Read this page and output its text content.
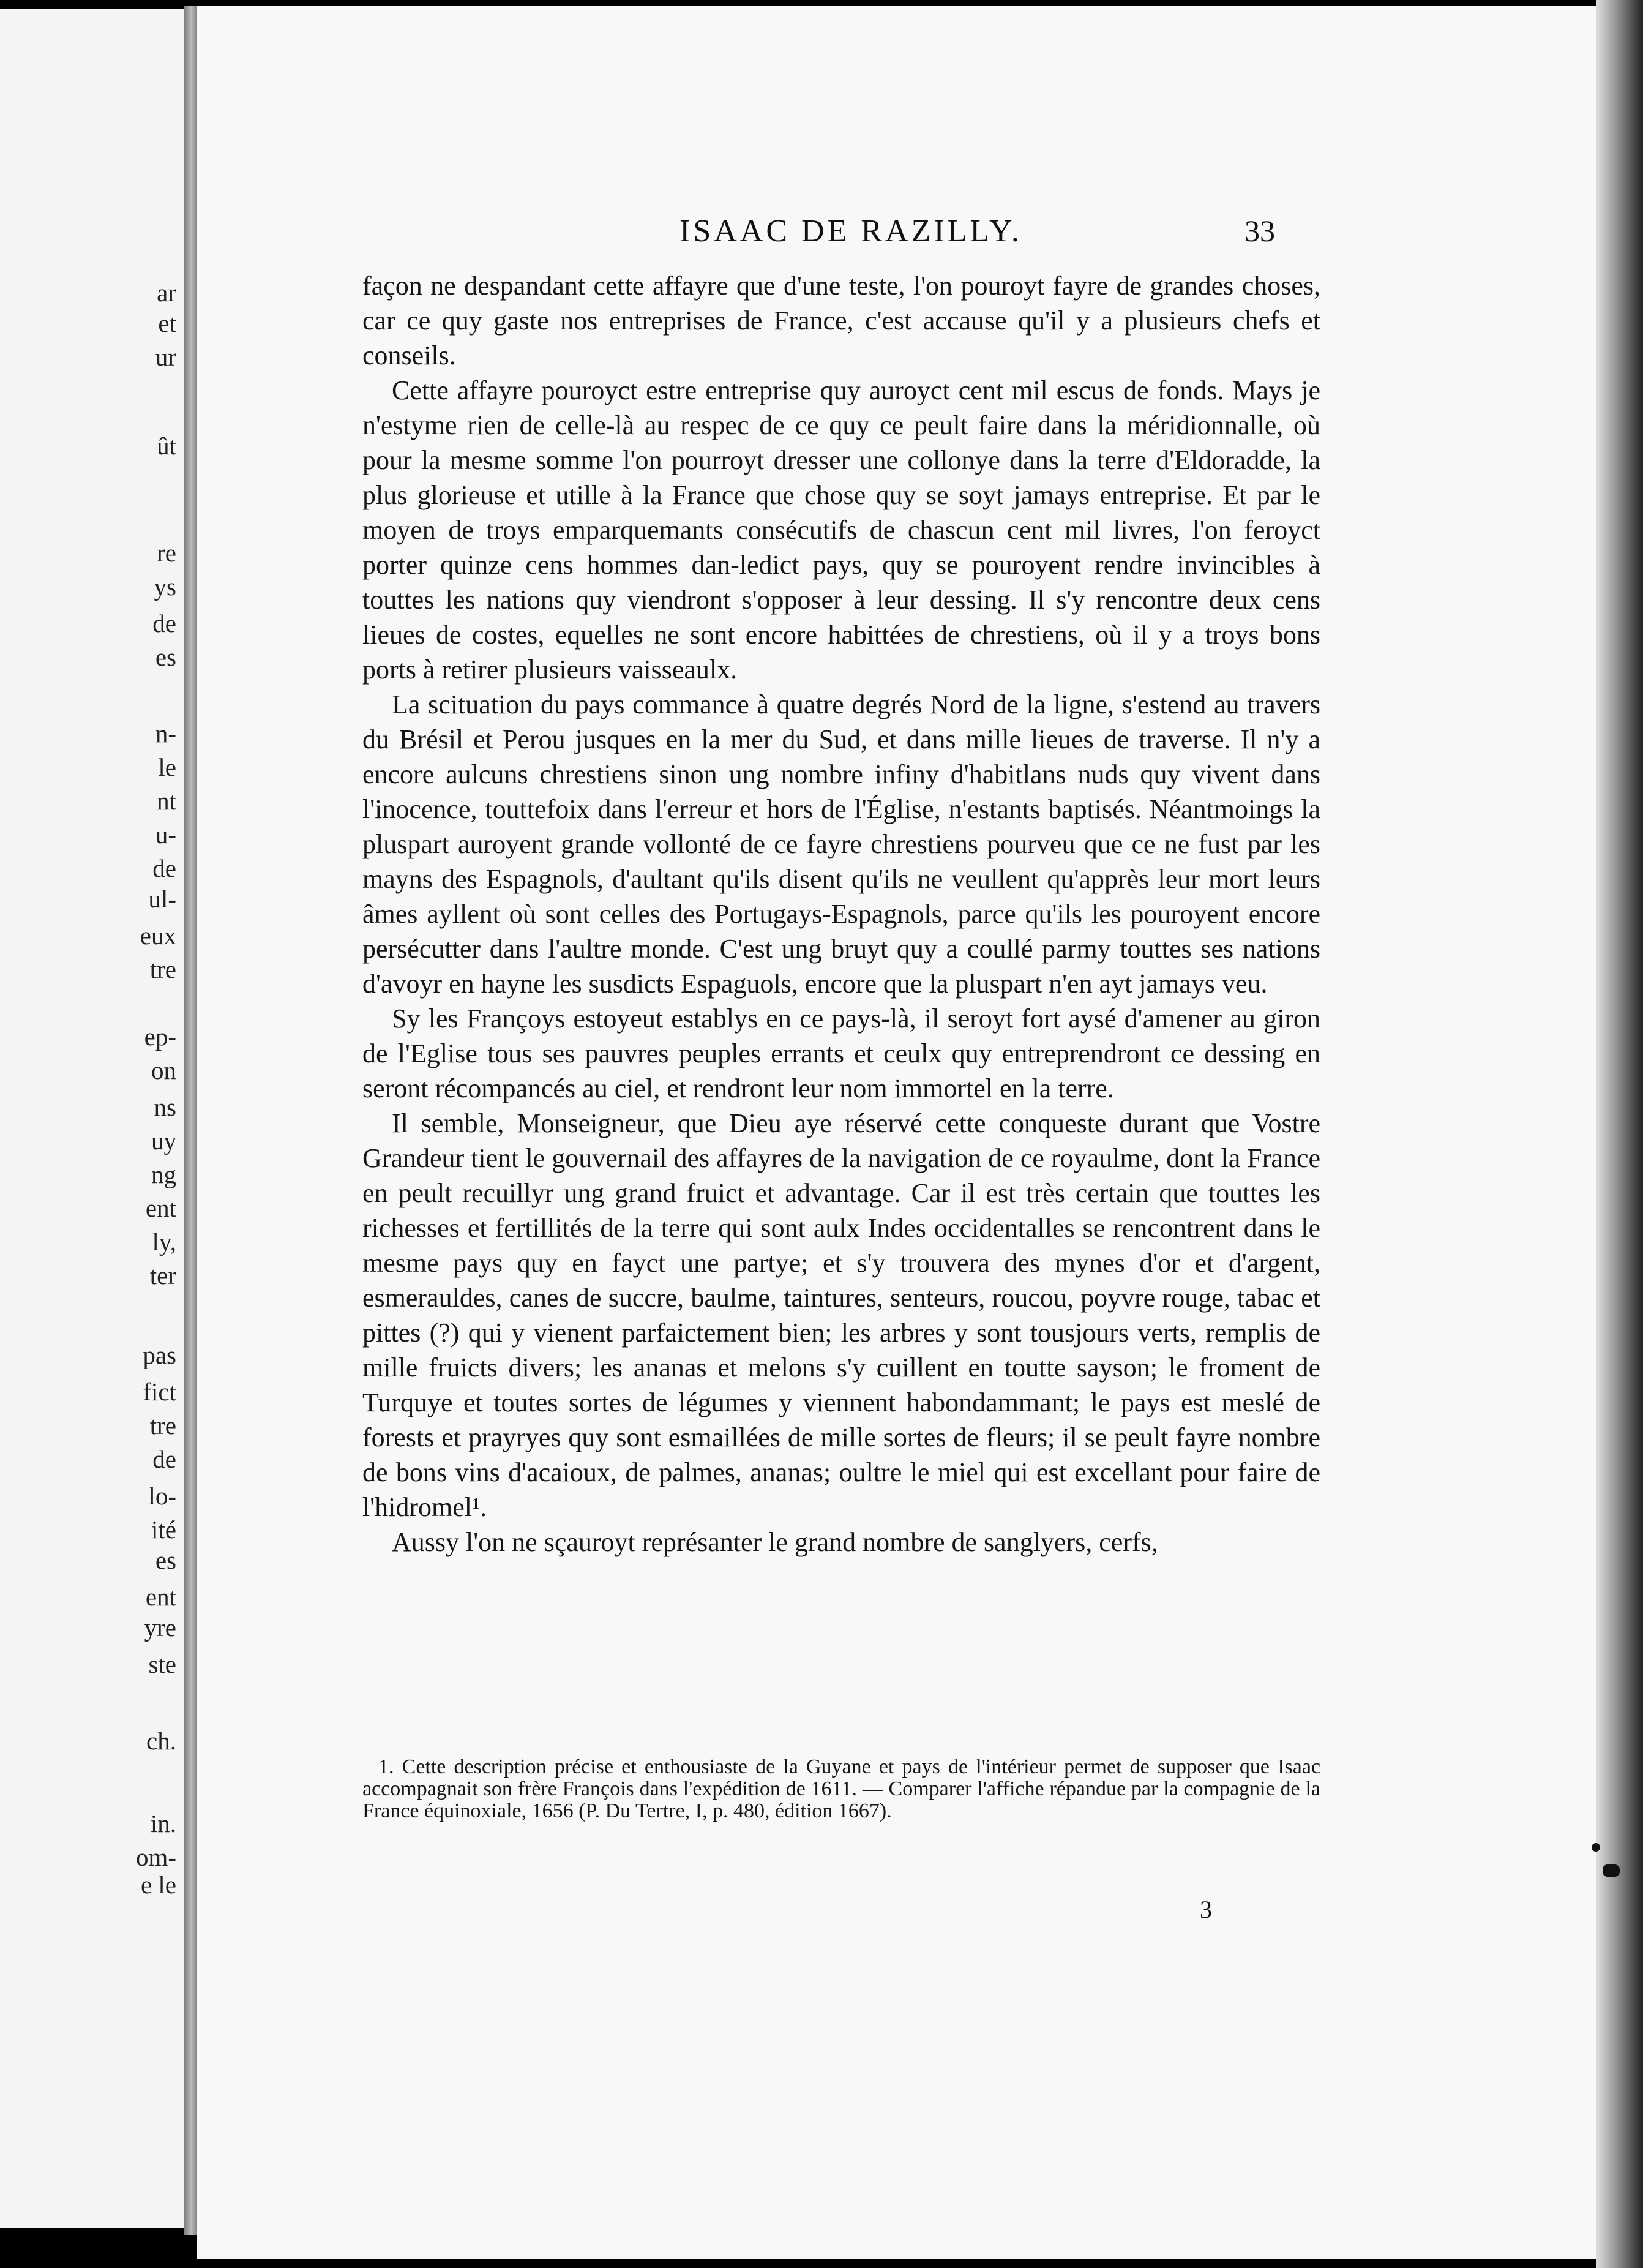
ar
et
ur
ût
re
ys
de
es
n-
le
nt
u-
de
ul-
eux
tre
ep-
on
ns
uy
ng
ent
ly,
ter
pas
fict
tre
de
lo-
ité
es
ent
yre
ste
ch.
in.
om-
e le
ISAAC DE RAZILLY.	33

façon ne despandant cette affayre que d'une teste, l'on pouroyt fayre de grandes choses, car ce quy gaste nos entreprises de France, c'est accause qu'il y a plusieurs chefs et conseils.

Cette affayre pouroyct estre entreprise quy auroyct cent mil escus de fonds. Mays je n'estyme rien de celle-là au respec de ce quy ce peult faire dans la méridionnalle, où pour la mesme somme l'on pourroyt dresser une collonye dans la terre d'Eldoradde, la plus glorieuse et utille à la France que chose quy se soyt jamays entreprise. Et par le moyen de troys emparquemants consécutifs de chascun cent mil livres, l'on feroyct porter quinze cens hommes dan-ledict pays, quy se pouroyent rendre invincibles à touttes les nations quy viendront s'opposer à leur dessing. Il s'y rencontre deux cens lieues de costes, equelles ne sont encore habittées de chrestiens, où il y a troys bons ports à retirer plusieurs vaisseaulx.

La scituation du pays commance à quatre degrés Nord de la ligne, s'estend au travers du Brésil et Perou jusques en la mer du Sud, et dans mille lieues de traverse. Il n'y a encore aulcuns chrestiens sinon ung nombre infiny d'habitlans nuds quy vivent dans l'inocence, touttefoix dans l'erreur et hors de l'Église, n'estants baptisés. Néantmoings la pluspart auroyent grande vollonté de ce fayre chrestiens pourveu que ce ne fust par les mayns des Espagnols, d'aultant qu'ils disent qu'ils ne veullent qu'apprès leur mort leurs âmes ayllent où sont celles des Portugays-Espagnols, parce qu'ils les pouroyent encore persécutter dans l'aultre monde. C'est ung bruyt quy a coullé parmy touttes ses nations d'avoyr en hayne les susdicts Espaguols, encore que la pluspart n'en ayt jamays veu.

Sy les Françoys estoyeut establys en ce pays-là, il seroyt fort aysé d'amener au giron de l'Eglise tous ses pauvres peuples errants et ceulx quy entreprendront ce dessing en seront récompancés au ciel, et rendront leur nom immortel en la terre.

Il semble, Monseigneur, que Dieu aye réservé cette conqueste durant que Vostre Grandeur tient le gouvernail des affayres de la navigation de ce royaulme, dont la France en peult recuillyr ung grand fruict et advantage. Car il est très certain que touttes les richesses et fertillités de la terre qui sont aulx Indes occidentalles se rencontrent dans le mesme pays quy en fayct une partye; et s'y trouvera des mynes d'or et d'argent, esmerauldes, canes de succre, baulme, taintures, senteurs, roucou, poyvre rouge, tabac et pittes (?) qui y vienent parfaictement bien; les arbres y sont tousjours verts, remplis de mille fruicts divers; les ananas et melons s'y cuillent en toutte sayson; le froment de Turquye et toutes sortes de légumes y viennent habondammant; le pays est meslé de forests et prayryes quy sont esmaillées de mille sortes de fleurs; il se peult fayre nombre de bons vins d'acaioux, de palmes, ananas; oultre le miel qui est excellant pour faire de l'hidromel¹.

Aussy l'on ne sçauroyt représanter le grand nombre de sanglyers, cerfs,

1. Cette description précise et enthousiaste de la Guyane et pays de l'intérieur permet de supposer que Isaac accompagnait son frère François dans l'expédition de 1611. — Comparer l'affiche répandue par la compagnie de la France équinoxiale, 1656 (P. Du Tertre, I, p. 480, édition 1667).

3
